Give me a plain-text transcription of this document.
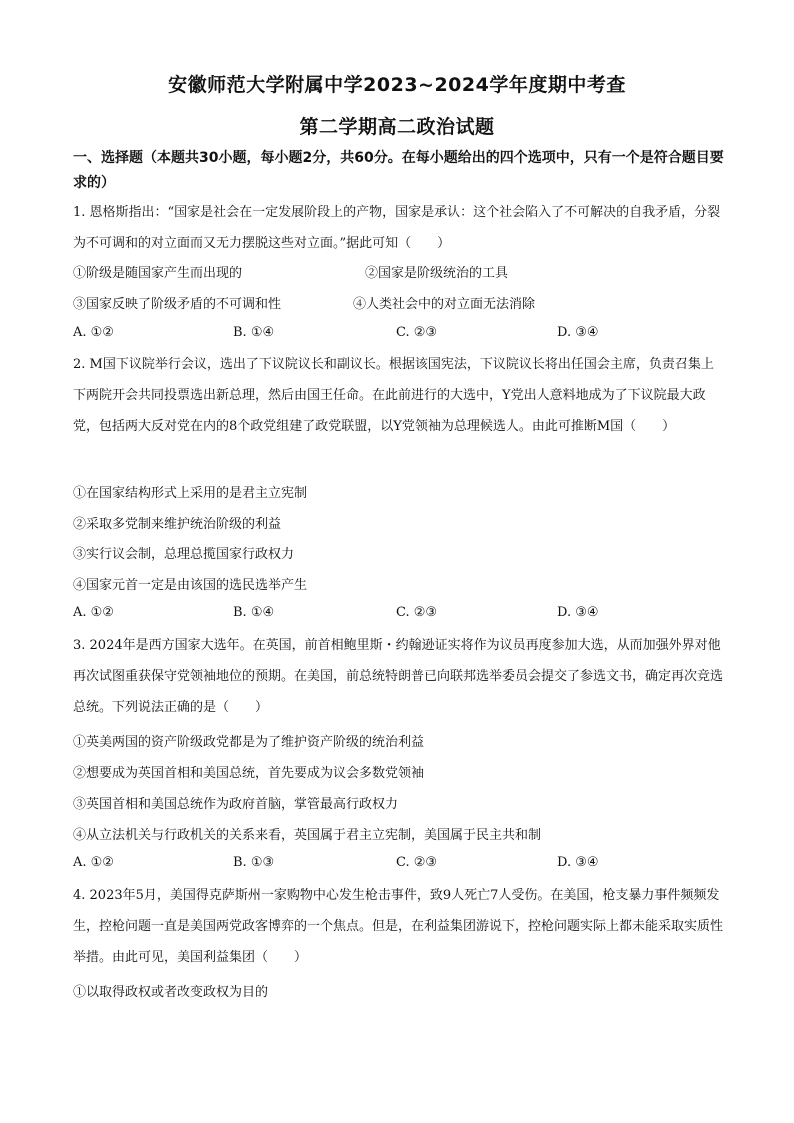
安徽师范大学附属中学2023~2024学年度期中考查
第二学期高二政治试题
一、选择题（本题共30小题，每小题2分，共60分。在每小题给出的四个选项中，只有一个是符合题目要求的）
1. 恩格斯指出：“国家是社会在一定发展阶段上的产物，国家是承认：这个社会陷入了不可解决的自我矛盾，分裂为不可调和的对立面而又无力摆脱这些对立面。”据此可知（　　）
①阶级是随国家产生而出现的	②国家是阶级统治的工具
③国家反映了阶级矛盾的不可调和性	④人类社会中的对立面无法消除
A. ①②	B. ①④	C. ②③	D. ③④
2. M国下议院举行会议，选出了下议院议长和副议长。根据该国宪法，下议院议长将出任国会主席，负责召集上下两院开会共同投票选出新总理，然后由国王任命。在此前进行的大选中，Y党出人意料地成为了下议院最大政党，包括两大反对党在内的8个政党组建了政党联盟，以Y党领袖为总理候选人。由此可推断M国（　　）
①在国家结构形式上采用的是君主立宪制
②采取多党制来维护统治阶级的利益
③实行议会制，总理总揽国家行政权力
④国家元首一定是由该国的选民选举产生
A. ①②	B. ①④	C. ②③	D. ③④
3. 2024年是西方国家大选年。在英国，前首相鲍里斯・约翰逊证实将作为议员再度参加大选，从而加强外界对他再次试图重获保守党领袖地位的预期。在美国，前总统特朗普已向联邦选举委员会提交了参选文书，确定再次竞选总统。下列说法正确的是（　　）
①英美两国的资产阶级政党都是为了维护资产阶级的统治利益
②想要成为英国首相和美国总统，首先要成为议会多数党领袖
③英国首相和美国总统作为政府首脑，掌管最高行政权力
④从立法机关与行政机关的关系来看，英国属于君主立宪制，美国属于民主共和制
A. ①②	B. ①③	C. ②③	D. ③④
4. 2023年5月，美国得克萨斯州一家购物中心发生枪击事件，致9人死亡7人受伤。在美国，枪支暴力事件频频发生，控枪问题一直是美国两党政客博弈的一个焦点。但是，在利益集团游说下，控枪问题实际上都未能采取实质性举措。由此可见，美国利益集团（　　）
①以取得政权或者改变政权为目的
